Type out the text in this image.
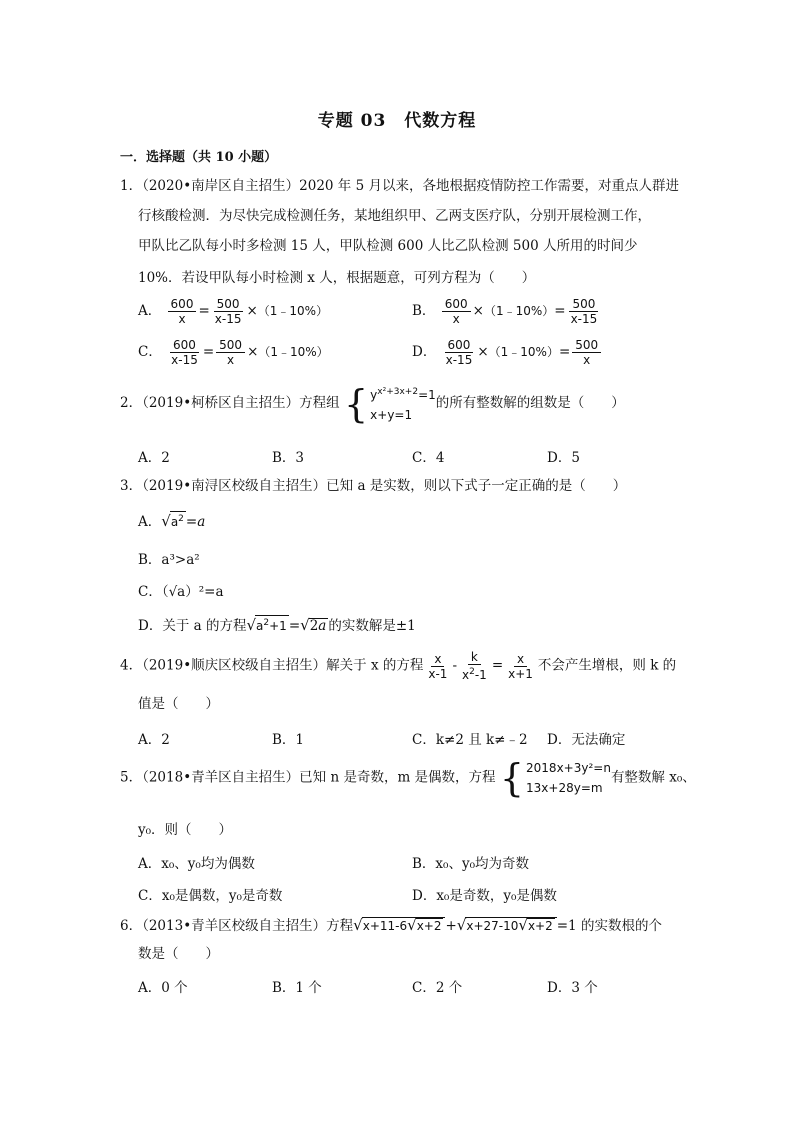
专题 03　代数方程
一．选择题（共 10 小题）
1．（2020•南岸区自主招生）2020 年 5 月以来，各地根据疫情防控工作需要，对重点人群进
行核酸检测．为尽快完成检测任务，某地组织甲、乙两支医疗队，分别开展检测工作，
甲队比乙队每小时多检测 15 人，甲队检测 600 人比乙队检测 500 人所用的时间少
10%．若设甲队每小时检测 x 人，根据题意，可列方程为（　　）
A． $\frac{600}{x} = \frac{500}{x-15}$ ×（1﹣10%）	B． $\frac{600}{x}$ ×（1﹣10%）= $\frac{500}{x-15}$
C． $\frac{600}{x-15} = \frac{500}{x}$ ×（1﹣10%）	D． $\frac{600}{x-15}$ ×（1﹣10%）= $\frac{500}{x}$
2．（2019•柯桥区自主招生）方程组 { $y^{x^2+3x+2}=1$
x+y=1
的所有整数解的组数是（　　）
A．2	B．3	C．4	D．5
3．（2019•南浔区校级自主招生）已知 a 是实数，则以下式子一定正确的是（　　）
A．$√a^2 =a$
B．a³>a²
C．（√a）²=a
D．关于 a 的方程$√a^2+1 =√2a$ 的实数解是±1
4．（2019•顺庆区校级自主招生）解关于 x 的方程 $\frac{x}{x-1} - \frac{k}{x^2-1} = \frac{x}{x+1}$ 不会产生增根，则 k 的
值是（　　）
A．2	B．1	C．k≠2 且 k≠﹣2 D．无法确定
5．（2018•青羊区自主招生）已知 n 是奇数，m 是偶数，方程 { 2018x+3y²=n
13x+28y=m
有整数解 x₀、
y₀．则（　　）
A．x₀、y₀均为偶数	B．x₀、y₀均为奇数
C．x₀是偶数，y₀是奇数	D．x₀是奇数，y₀是偶数
6．（2013•青羊区校级自主招生）方程√x+11-6√x+2 +√x+27-10√x+2 =1 的实数根的个
数是（　　）
A．0 个	B．1 个	C．2 个	D．3 个
